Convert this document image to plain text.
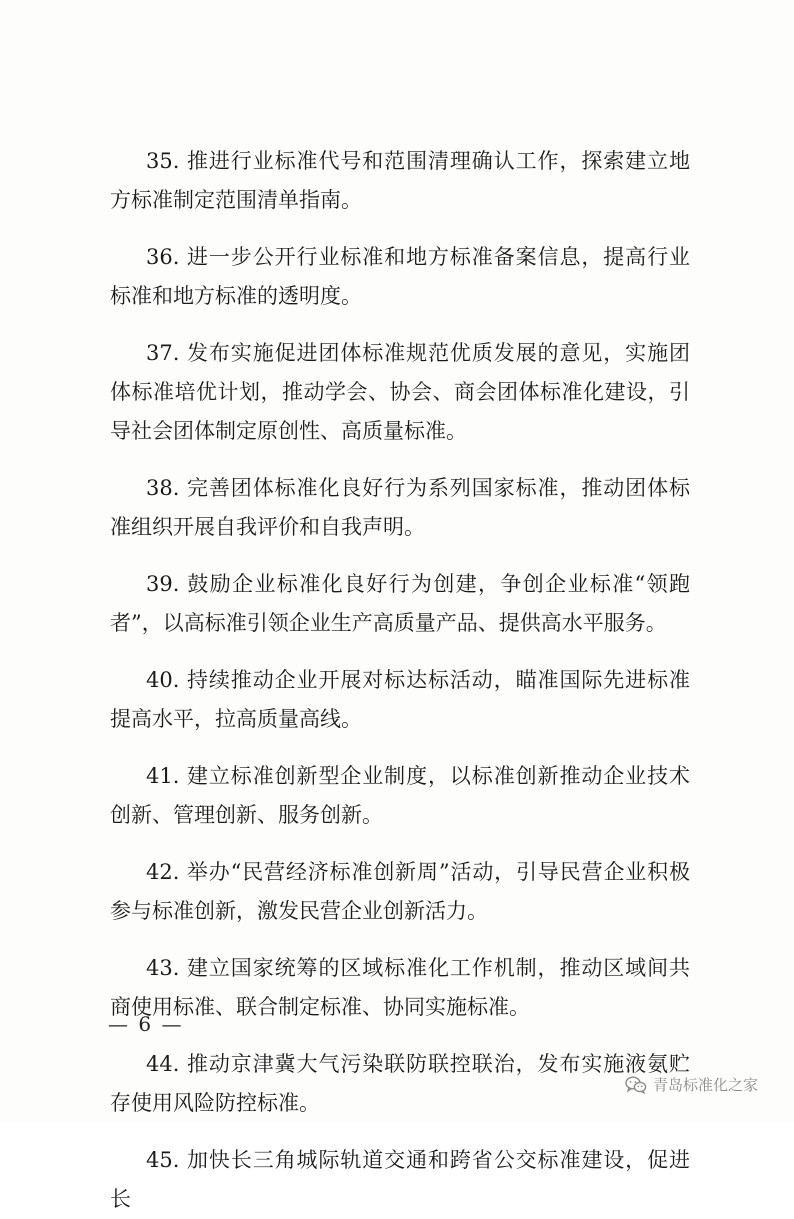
35. 推进行业标准代号和范围清理确认工作，探索建立地方标准制定范围清单指南。

36. 进一步公开行业标准和地方标准备案信息，提高行业标准和地方标准的透明度。

37. 发布实施促进团体标准规范优质发展的意见，实施团体标准培优计划，推动学会、协会、商会团体标准化建设，引导社会团体制定原创性、高质量标准。

38. 完善团体标准化良好行为系列国家标准，推动团体标准组织开展自我评价和自我声明。

39. 鼓励企业标准化良好行为创建，争创企业标准“领跑者”，以高标准引领企业生产高质量产品、提供高水平服务。

40. 持续推动企业开展对标达标活动，瞄准国际先进标准提高水平，拉高质量高线。

41. 建立标准创新型企业制度，以标准创新推动企业技术创新、管理创新、服务创新。

42. 举办“民营经济标准创新周”活动，引导民营企业积极参与标准创新，激发民营企业创新活力。

43. 建立国家统筹的区域标准化工作机制，推动区域间共商使用标准、联合制定标准、协同实施标准。

44. 推动京津冀大气污染联防联控联治，发布实施液氨贮存使用风险防控标准。

45. 加快长三角城际轨道交通和跨省公交标准建设，促进长

— 6 —
青岛标准化之家
